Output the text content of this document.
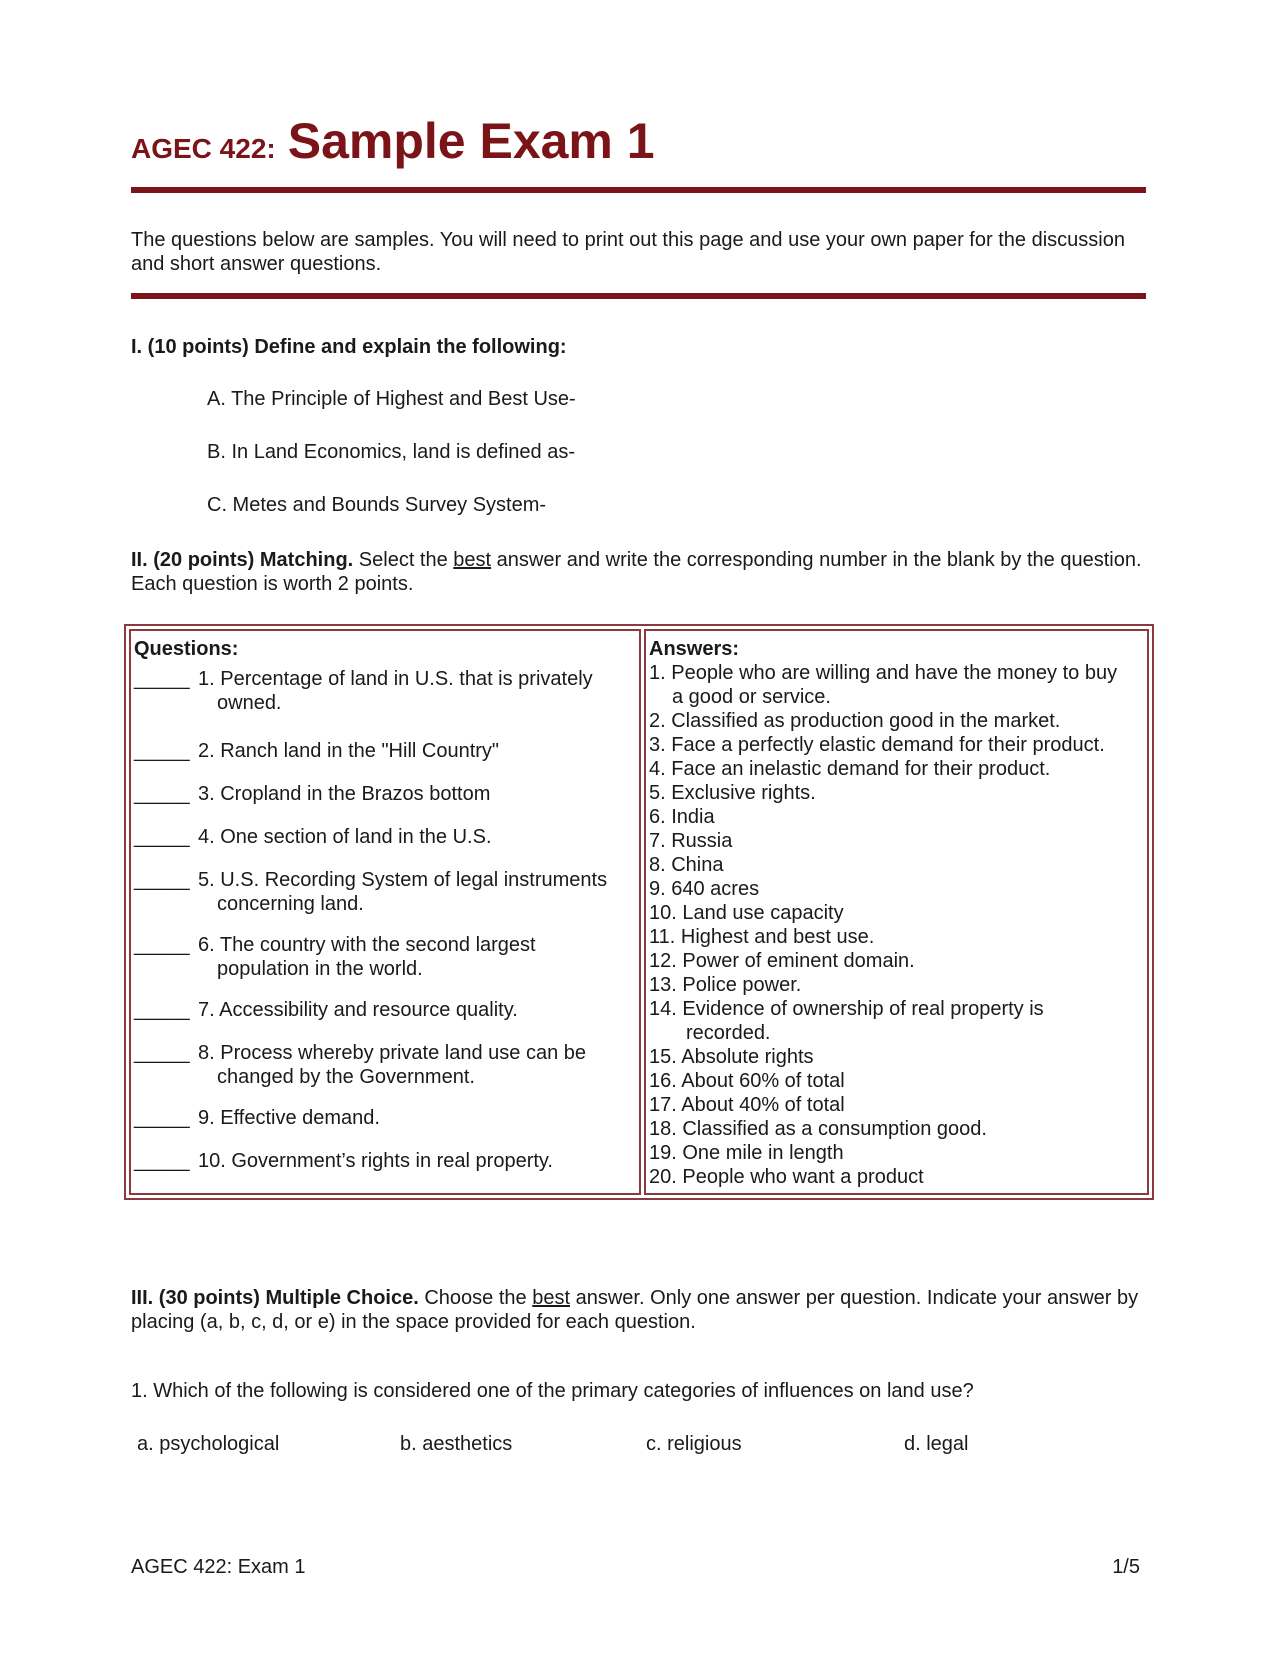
AGEC 422: Sample Exam 1
The questions below are samples. You will need to print out this page and use your own paper for the discussion and short answer questions.
I. (10 points) Define and explain the following:
A. The Principle of Highest and Best Use-
B. In Land Economics, land is defined as-
C. Metes and Bounds Survey System-
II. (20 points) Matching. Select the best answer and write the corresponding number in the blank by the question. Each question is worth 2 points.
Questions:
_____ 1. Percentage of land in U.S. that is privately
owned.
_____ 2. Ranch land in the "Hill Country"
_____ 3. Cropland in the Brazos bottom
_____ 4. One section of land in the U.S.
_____ 5. U.S. Recording System of legal instruments
concerning land.
_____ 6. The country with the second largest
population in the world.
_____ 7. Accessibility and resource quality.
_____ 8. Process whereby private land use can be
changed by the Government.
_____ 9. Effective demand.
_____ 10. Government’s rights in real property.
Answers:
1. People who are willing and have the money to buy
a good or service.
2. Classified as production good in the market.
3. Face a perfectly elastic demand for their product.
4. Face an inelastic demand for their product.
5. Exclusive rights.
6. India
7. Russia
8. China
9. 640 acres
10. Land use capacity
11. Highest and best use.
12. Power of eminent domain.
13. Police power.
14. Evidence of ownership of real property is
recorded.
15. Absolute rights
16. About 60% of total
17. About 40% of total
18. Classified as a consumption good.
19. One mile in length
20. People who want a product
III. (30 points) Multiple Choice. Choose the best answer. Only one answer per question. Indicate your answer by placing (a, b, c, d, or e) in the space provided for each question.
1. Which of the following is considered one of the primary categories of influences on land use?
a. psychological	b. aesthetics	c. religious	d. legal
AGEC 422: Exam 1	1/5
